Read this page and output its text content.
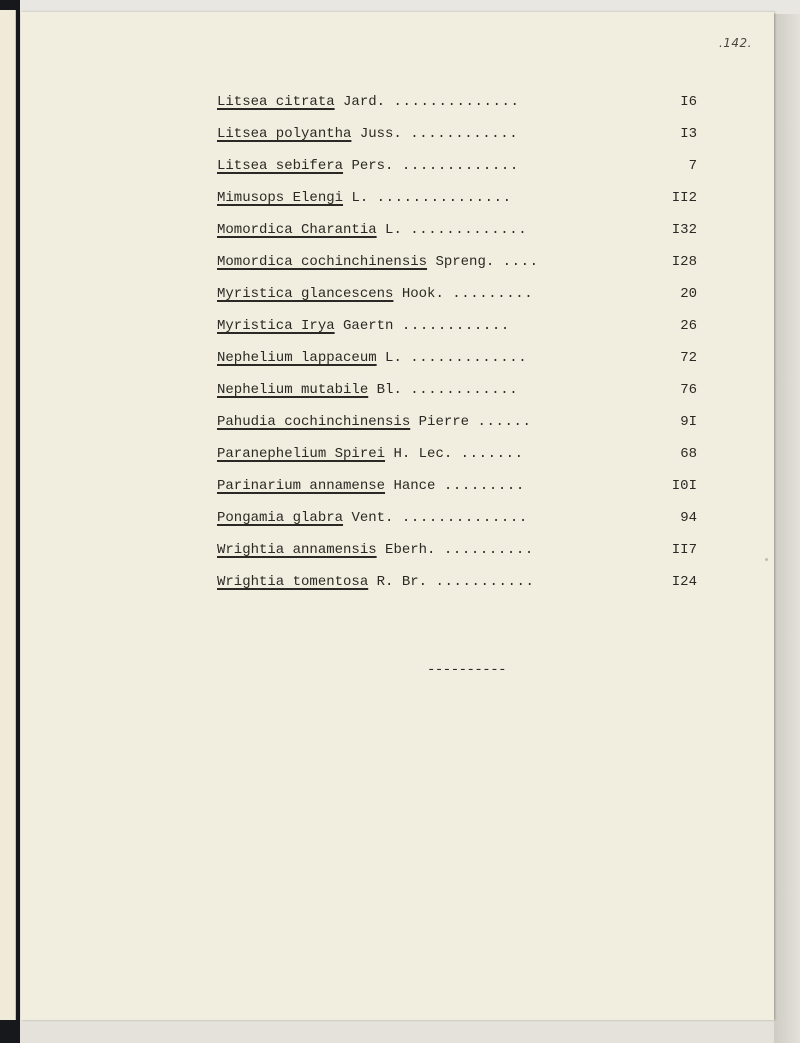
.142.
Litsea citrata Jard. ..............	I6
Litsea polyantha Juss. ............	I3
Litsea sebifera Pers. .............	7
Mimusops Elengi L. ...............	II2
Momordica Charantia L. .............	I32
Momordica cochinchinensis Spreng. ....	I28
Myristica glancescens Hook. .........	20
Myristica Irya Gaertn ............	26
Nephelium lappaceum L. .............	72
Nephelium mutabile Bl. ............	76
Pahudia cochinchinensis Pierre ......	9I
Paranephelium Spirei H. Lec. .......	68
Parinarium annamense Hance .........	I0I
Pongamia glabra Vent. ..............	94
Wrightia annamensis Eberh. ..........	II7
Wrightia tomentosa R. Br. ...........	I24
----------
